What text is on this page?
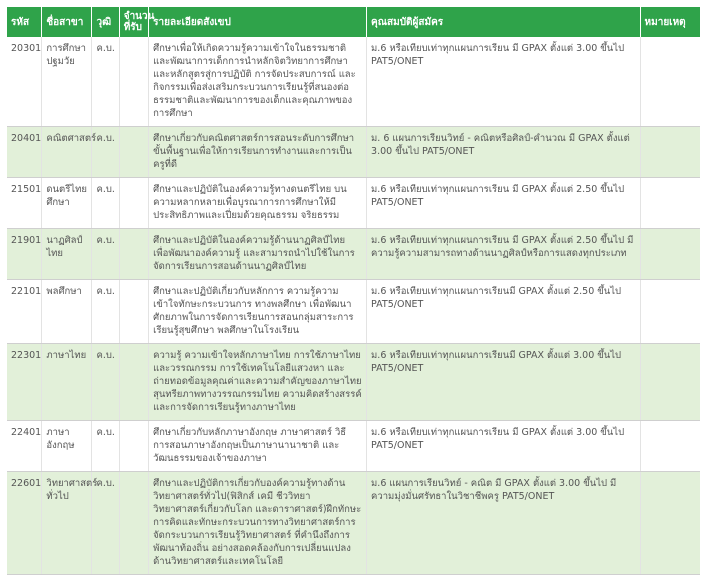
รหัส	ชื่อสาขา	วุฒิ	จำนวนที่รับ	รายละเอียดสังเขป	คุณสมบัติผู้สมัคร	หมายเหตุ
20301	การศึกษาปฐมวัย	ค.บ.		ศึกษาเพื่อให้เกิดความรู้ความเข้าใจในธรรมชาติและพัฒนาการเด็กการนำหลักจิตวิทยาการศึกษาและหลักสูตรสู่การปฏิบัติ การจัดประสบการณ์ และกิจกรรมเพื่อส่งเสริมกระบวนการเรียนรู้ที่สนองต่อธรรมชาติและพัฒนาการของเด็กและคุณภาพของการศึกษา	ม.6 หรือเทียบเท่าทุกแผนการเรียน มี GPAX ตั้งแต่ 3.00 ขึ้นไป PAT5/ONET	
20401	คณิตศาสตร์	ค.บ.		ศึกษาเกี่ยวกับคณิตศาสตร์การสอนระดับการศึกษา ขั้นพื้นฐานเพื่อให้การเรียนการทำงานและการเป็นครูที่ดี	ม. 6 แผนการเรียนวิทย์ - คณิตหรือศิลป์-คำนวณ มี GPAX ตั้งแต่ 3.00 ขึ้นไป PAT5/ONET	
21501	ดนตรีไทยศึกษา	ค.บ.		ศึกษาและปฏิบัติในองค์ความรู้ทางดนตรีไทย บนความหลากหลายเพื่อบูรณาการการศึกษาให้มีประสิทธิภาพและเปี่ยมด้วยคุณธรรม จริยธรรม	ม.6 หรือเทียบเท่าทุกแผนการเรียน มี GPAX ตั้งแต่ 2.50 ขึ้นไป PAT5/ONET	
21901	นาฏศิลป์ไทย	ค.บ.		ศึกษาและปฏิบัติในองค์ความรู้ด้านนาฏศิลป์ไทย เพื่อพัฒนาองค์ความรู้ และสามารถนำไปใช้ในการจัดการเรียนการสอนด้านนาฏศิลป์ไทย	ม.6 หรือเทียบเท่าทุกแผนการเรียน มี GPAX ตั้งแต่ 2.50 ขึ้นไป มีความรู้ความสามารถทางด้านนาฏศิลป์หรือการแสดงทุกประเภท	
22101	พลศึกษา	ค.บ.		ศึกษาและปฏิบัติเกี่ยวกับหลักการ ความรู้ความเข้าใจทักษะกระบวนการ ทางพลศึกษา เพื่อพัฒนาศักยภาพในการจัดการเรียนการสอนกลุ่มสาระการเรียนรู้สุขศึกษา พลศึกษาในโรงเรียน	ม.6 หรือเทียบเท่าทุกแผนการเรียนมี GPAX ตั้งแต่ 2.50 ขึ้นไป PAT5/ONET	
22301	ภาษาไทย	ค.บ.		ความรู้ ความเข้าใจหลักภาษาไทย การใช้ภาษาไทยและวรรณกรรม การใช้เทคโนโลยีแสวงหา และถ่ายทอดข้อมูลคุณค่าและความสำคัญของภาษาไทย สุนทรียภาพทางวรรณกรรมไทย ความคิดสร้างสรรค์และการจัดการเรียนรู้ทางภาษาไทย	ม.6 หรือเทียบเท่าทุกแผนการเรียนมี GPAX ตั้งแต่ 3.00 ขึ้นไป PAT5/ONET	
22401	ภาษาอังกฤษ	ค.บ.		ศึกษาเกี่ยวกับหลักภาษาอังกฤษ ภาษาศาสตร์ วิธีการสอนภาษาอังกฤษเป็นภาษานานาชาติ และวัฒนธรรมของเจ้าของภาษา	ม.6 หรือเทียบเท่าทุกแผนการเรียน มี GPAX ตั้งแต่ 3.00 ขึ้นไป PAT5/ONET	
22601	วิทยาศาสตร์ทั่วไป	ค.บ.		ศึกษาและปฏิบัติการเกี่ยวกับองค์ความรู้ทางด้านวิทยาศาสตร์ทั่วไป(ฟิสิกส์ เคมี ชีววิทยา วิทยาศาสตร์เกี่ยวกับโลก และดาราศาสตร์)ฝึกทักษะการคิดและทักษะกระบวนการทางวิทยาศาสตร์การจัดกระบวนการเรียนรู้วิทยาศาสตร์ ที่คำนึงถึงการพัฒนาท้องถิ่น อย่างสอดคล้องกับการเปลี่ยนแปลงด้านวิทยาศาสตร์และเทคโนโลยี	ม.6 แผนการเรียนวิทย์ - คณิต มี GPAX ตั้งแต่ 3.00 ขึ้นไป มีความมุ่งมั่นศรัทธาในวิชาชีพครู PAT5/ONET	
